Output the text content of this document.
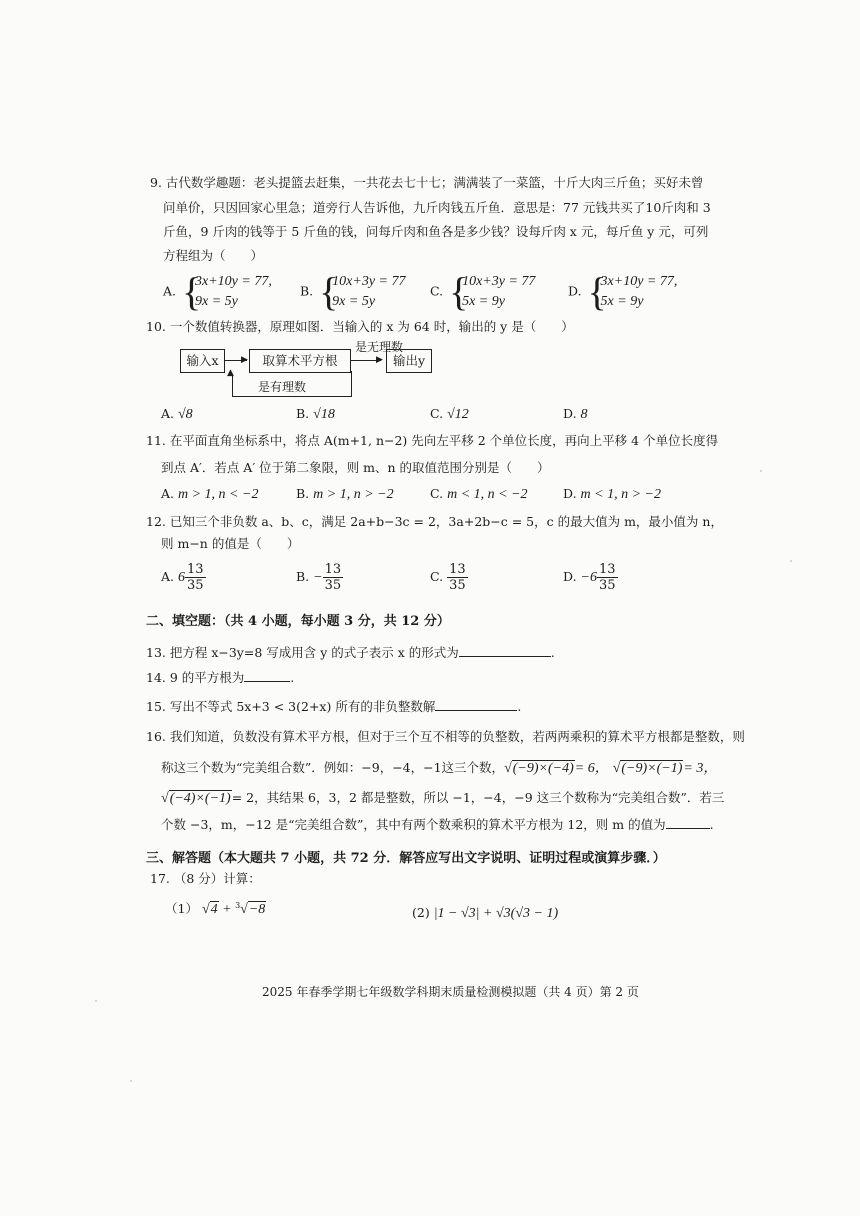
9. 古代数学趣题：老头提篮去赶集，一共花去七十七；满满装了一菜篮，十斤大肉三斤鱼；买好未曾
问单价，只因回家心里急；道旁行人告诉他，九斤肉钱五斤鱼．意思是：77 元钱共买了10斤肉和 3
斤鱼，9 斤肉的钱等于 5 斤鱼的钱，问每斤肉和鱼各是多少钱？设每斤肉 x 元，每斤鱼 y 元，可列
方程组为（　　）
A. { 3x+10y = 77,
9x = 5y
B. { 10x+3y = 77
9x = 5y
C. { 10x+3y = 77
5x = 9y
D. { 3x+10y = 77,
5x = 9y
10. 一个数值转换器，原理如图．当输入的 x 为 64 时，输出的 y 是（　　）
输入x	▶	取算术平方根
是无理数
▶ 输出y
▲
是有理数
A. √8	B. √18	C. √12	D. 8
11. 在平面直角坐标系中，将点 A(m+1, n−2) 先向左平移 2 个单位长度，再向上平移 4 个单位长度得
到点 A′．若点 A′ 位于第二象限，则 m、n 的取值范围分别是（　　）
A. m > 1, n < −2	B. m > 1, n > −2	C. m < 1, n < −2	D. m < 1, n > −2
12. 已知三个非负数 a、b、c，满足 2a+b−3c = 2，3a+2b−c = 5，c 的最大值为 m，最小值为 n，
则 m−n 的值是（　　）
A. $6 \frac{13}{35}$	B. − $\frac{13}{35}$	C. $\frac{13}{35}$	D. $-6 \frac{13}{35}$
二、填空题：（共 4 小题，每小题 3 分，共 12 分）
13. 把方程 x−3y=8 写成用含 y 的式子表示 x 的形式为	.
14. 9 的平方根为	.
15. 写出不等式 5x+3 < 3(2+x) 所有的非负整数解	.
16. 我们知道，负数没有算术平方根，但对于三个互不相等的负整数，若两两乘积的算术平方根都是整数，则
称这三个数为“完美组合数”．例如：−9，−4，−1这三个数，√(−9)×(−4)= 6， √(−9)×(−1)= 3，
√(−4)×(−1)= 2，其结果 6，3，2 都是整数，所以 −1，−4，−9 这三个数称为“完美组合数”．若三
个数 −3，m，−12 是“完美组合数”，其中有两个数乘积的算术平方根为 12，则 m 的值为	.
三、解答题（本大题共 7 小题，共 72 分．解答应写出文字说明、证明过程或演算步骤．）
17. （8 分）计算：
（1） √4 + $^3$√−8	(2) |1 − √3| + √3(√3 − 1)
2025 年春季学期七年级数学科期末质量检测模拟题（共 4 页）第 2 页
